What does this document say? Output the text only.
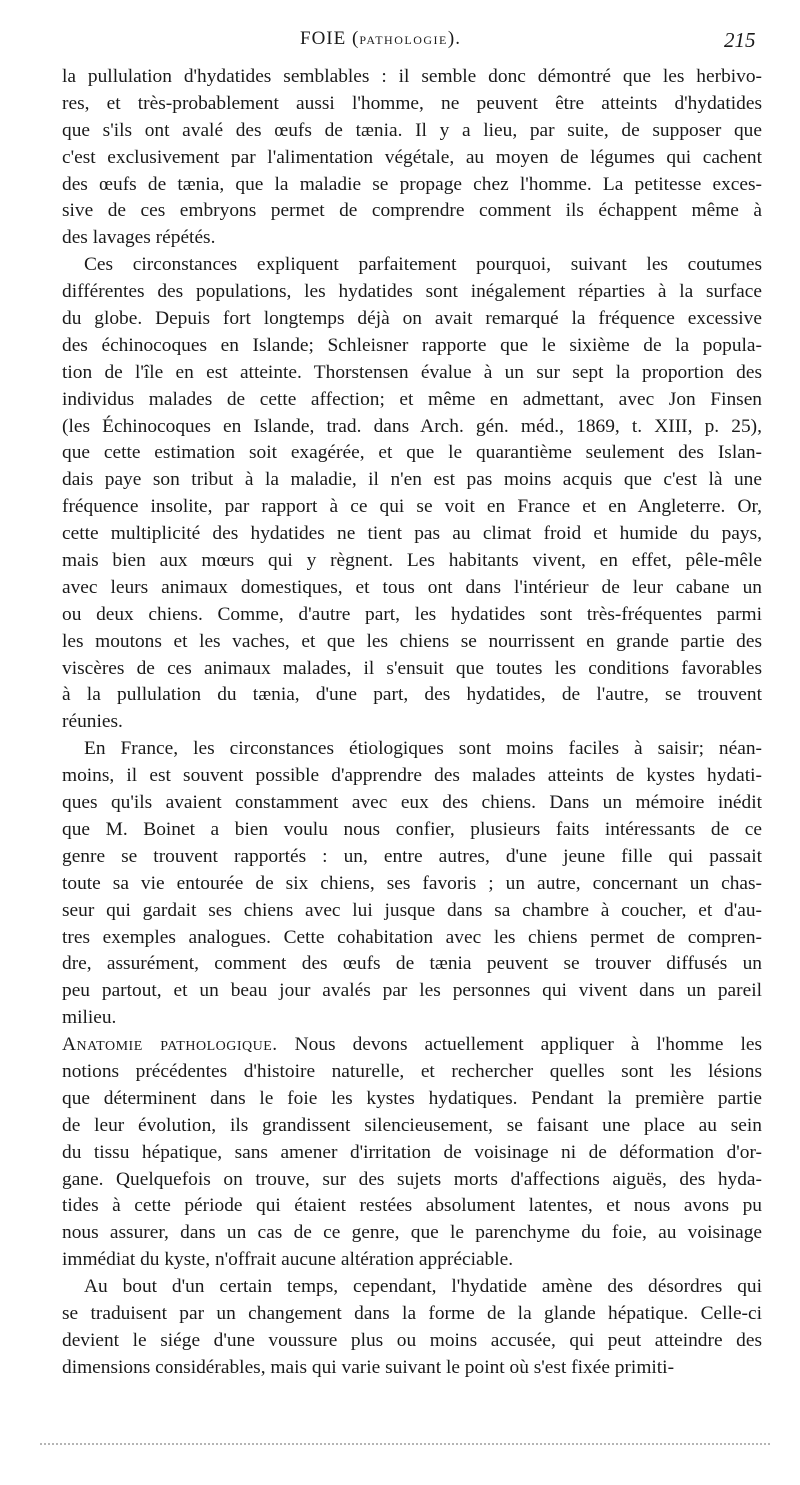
FOIE (PATHOLOGIE).	215
la pullulation d'hydatides semblables : il semble donc démontré que les herbivo-
res, et très-probablement aussi l'homme, ne peuvent être atteints d'hydatides
que s'ils ont avalé des œufs de tænia. Il y a lieu, par suite, de supposer que
c'est exclusivement par l'alimentation végétale, au moyen de légumes qui cachent
des œufs de tænia, que la maladie se propage chez l'homme. La petitesse exces-
sive de ces embryons permet de comprendre comment ils échappent même à
des lavages répétés.
Ces circonstances expliquent parfaitement pourquoi, suivant les coutumes
différentes des populations, les hydatides sont inégalement réparties à la surface
du globe. Depuis fort longtemps déjà on avait remarqué la fréquence excessive
des échinocoques en Islande; Schleisner rapporte que le sixième de la popula-
tion de l'île en est atteinte. Thorstensen évalue à un sur sept la proportion des
individus malades de cette affection; et même en admettant, avec Jon Finsen
(les Échinocoques en Islande, trad. dans Arch. gén. méd., 1869, t. XIII, p. 25),
que cette estimation soit exagérée, et que le quarantième seulement des Islan-
dais paye son tribut à la maladie, il n'en est pas moins acquis que c'est là une
fréquence insolite, par rapport à ce qui se voit en France et en Angleterre. Or,
cette multiplicité des hydatides ne tient pas au climat froid et humide du pays,
mais bien aux mœurs qui y règnent. Les habitants vivent, en effet, pêle-mêle
avec leurs animaux domestiques, et tous ont dans l'intérieur de leur cabane un
ou deux chiens. Comme, d'autre part, les hydatides sont très-fréquentes parmi
les moutons et les vaches, et que les chiens se nourrissent en grande partie des
viscères de ces animaux malades, il s'ensuit que toutes les conditions favorables
à la pullulation du tænia, d'une part, des hydatides, de l'autre, se trouvent
réunies.
En France, les circonstances étiologiques sont moins faciles à saisir; néan-
moins, il est souvent possible d'apprendre des malades atteints de kystes hydati-
ques qu'ils avaient constamment avec eux des chiens. Dans un mémoire inédit
que M. Boinet a bien voulu nous confier, plusieurs faits intéressants de ce
genre se trouvent rapportés : un, entre autres, d'une jeune fille qui passait
toute sa vie entourée de six chiens, ses favoris ; un autre, concernant un chas-
seur qui gardait ses chiens avec lui jusque dans sa chambre à coucher, et d'au-
tres exemples analogues. Cette cohabitation avec les chiens permet de compren-
dre, assurément, comment des œufs de tænia peuvent se trouver diffusés un
peu partout, et un beau jour avalés par les personnes qui vivent dans un pareil
milieu.
Anatomie pathologique. Nous devons actuellement appliquer à l'homme les
notions précédentes d'histoire naturelle, et rechercher quelles sont les lésions
que déterminent dans le foie les kystes hydatiques. Pendant la première partie
de leur évolution, ils grandissent silencieusement, se faisant une place au sein
du tissu hépatique, sans amener d'irritation de voisinage ni de déformation d'or-
gane. Quelquefois on trouve, sur des sujets morts d'affections aiguës, des hyda-
tides à cette période qui étaient restées absolument latentes, et nous avons pu
nous assurer, dans un cas de ce genre, que le parenchyme du foie, au voisinage
immédiat du kyste, n'offrait aucune altération appréciable.
Au bout d'un certain temps, cependant, l'hydatide amène des désordres qui
se traduisent par un changement dans la forme de la glande hépatique. Celle-ci
devient le siége d'une voussure plus ou moins accusée, qui peut atteindre des
dimensions considérables, mais qui varie suivant le point où s'est fixée primiti-
